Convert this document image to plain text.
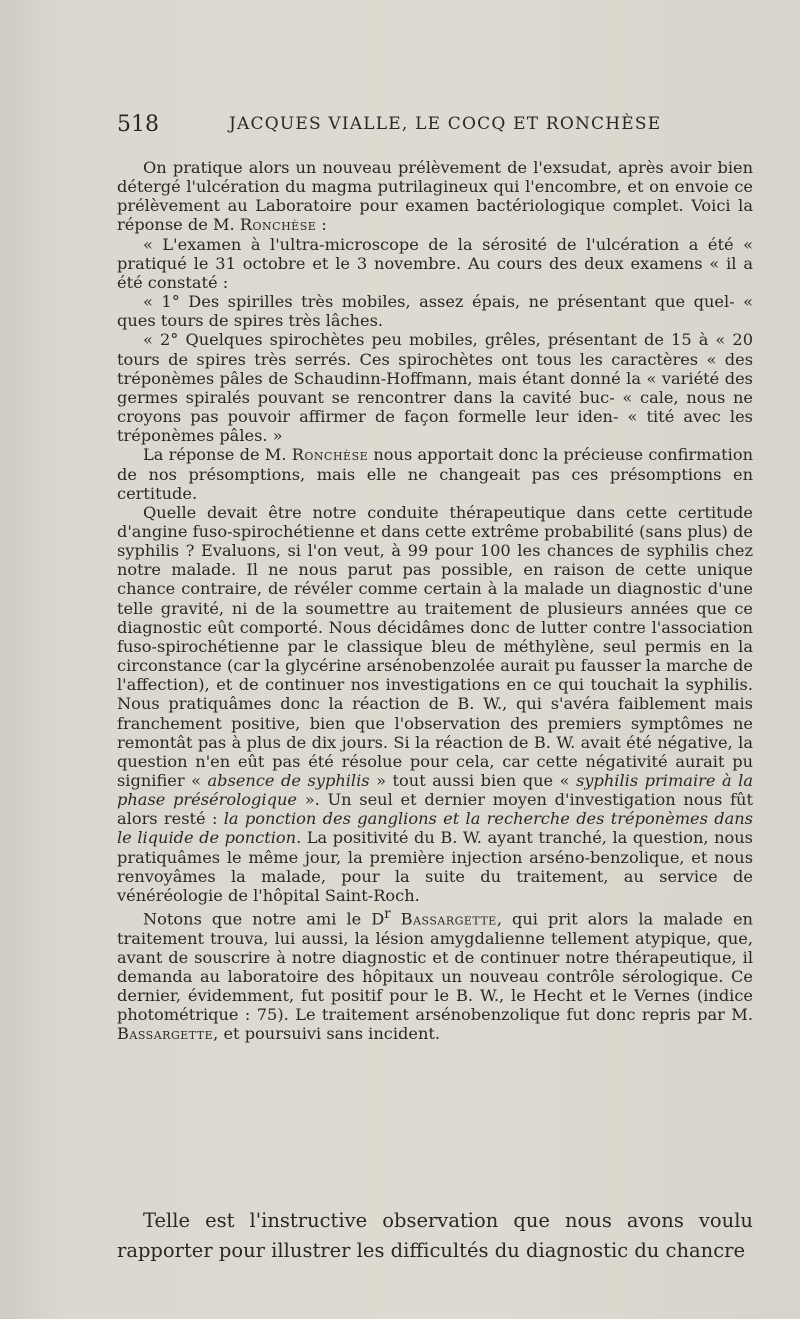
518	JACQUES VIALLE, LE COCQ ET RONCHÈSE

On pratique alors un nouveau prélèvement de l'exsudat, après avoir bien détergé l'ulcération du magma putrilagineux qui l'encombre, et on envoie ce prélèvement au Laboratoire pour examen bactériologique complet. Voici la réponse de M. Ronchèse :

« L'examen à l'ultra-microscope de la sérosité de l'ulcération a été « pratiqué le 31 octobre et le 3 novembre. Au cours des deux examens « il a été constaté :

« 1° Des spirilles très mobiles, assez épais, ne présentant que quel- « ques tours de spires très lâches.

« 2° Quelques spirochètes peu mobiles, grêles, présentant de 15 à « 20 tours de spires très serrés. Ces spirochètes ont tous les caractères « des tréponèmes pâles de Schaudinn-Hoffmann, mais étant donné la « variété des germes spiralés pouvant se rencontrer dans la cavité buc- « cale, nous ne croyons pas pouvoir affirmer de façon formelle leur iden- « tité avec les tréponèmes pâles. »

La réponse de M. Ronchèse nous apportait donc la précieuse confirmation de nos présomptions, mais elle ne changeait pas ces présomptions en certitude.

Quelle devait être notre conduite thérapeutique dans cette certitude d'angine fuso-spirochétienne et dans cette extrême probabilité (sans plus) de syphilis ? Evaluons, si l'on veut, à 99 pour 100 les chances de syphilis chez notre malade. Il ne nous parut pas possible, en raison de cette unique chance contraire, de révéler comme certain à la malade un diagnostic d'une telle gravité, ni de la soumettre au traitement de plusieurs années que ce diagnostic eût comporté. Nous décidâmes donc de lutter contre l'association fuso-spirochétienne par le classique bleu de méthylène, seul permis en la circonstance (car la glycérine arsénobenzolée aurait pu fausser la marche de l'affection), et de continuer nos investigations en ce qui touchait la syphilis. Nous pratiquâmes donc la réaction de B. W., qui s'avéra faiblement mais franchement positive, bien que l'observation des premiers symptômes ne remontât pas à plus de dix jours. Si la réaction de B. W. avait été négative, la question n'en eût pas été résolue pour cela, car cette négativité aurait pu signifier « absence de syphilis » tout aussi bien que « syphilis primaire à la phase présérologique ». Un seul et dernier moyen d'investigation nous fût alors resté : la ponction des ganglions et la recherche des tréponèmes dans le liquide de ponction. La positivité du B. W. ayant tranché, la question, nous pratiquâmes le même jour, la première injection arséno-benzolique, et nous renvoyâmes la malade, pour la suite du traitement, au service de vénéréologie de l'hôpital Saint-Roch.

Notons que notre ami le $D^r$ Bassargette, qui prit alors la malade en traitement trouva, lui aussi, la lésion amygdalienne tellement atypique, que, avant de souscrire à notre diagnostic et de continuer notre thérapeutique, il demanda au laboratoire des hôpitaux un nouveau contrôle sérologique. Ce dernier, évidemment, fut positif pour le B. W., le Hecht et le Vernes (indice photométrique : 75). Le traitement arsénobenzolique fut donc repris par M. Bassargette, et poursuivi sans incident.

Telle est l'instructive observation que nous avons voulu rapporter pour illustrer les difficultés du diagnostic du chancre
